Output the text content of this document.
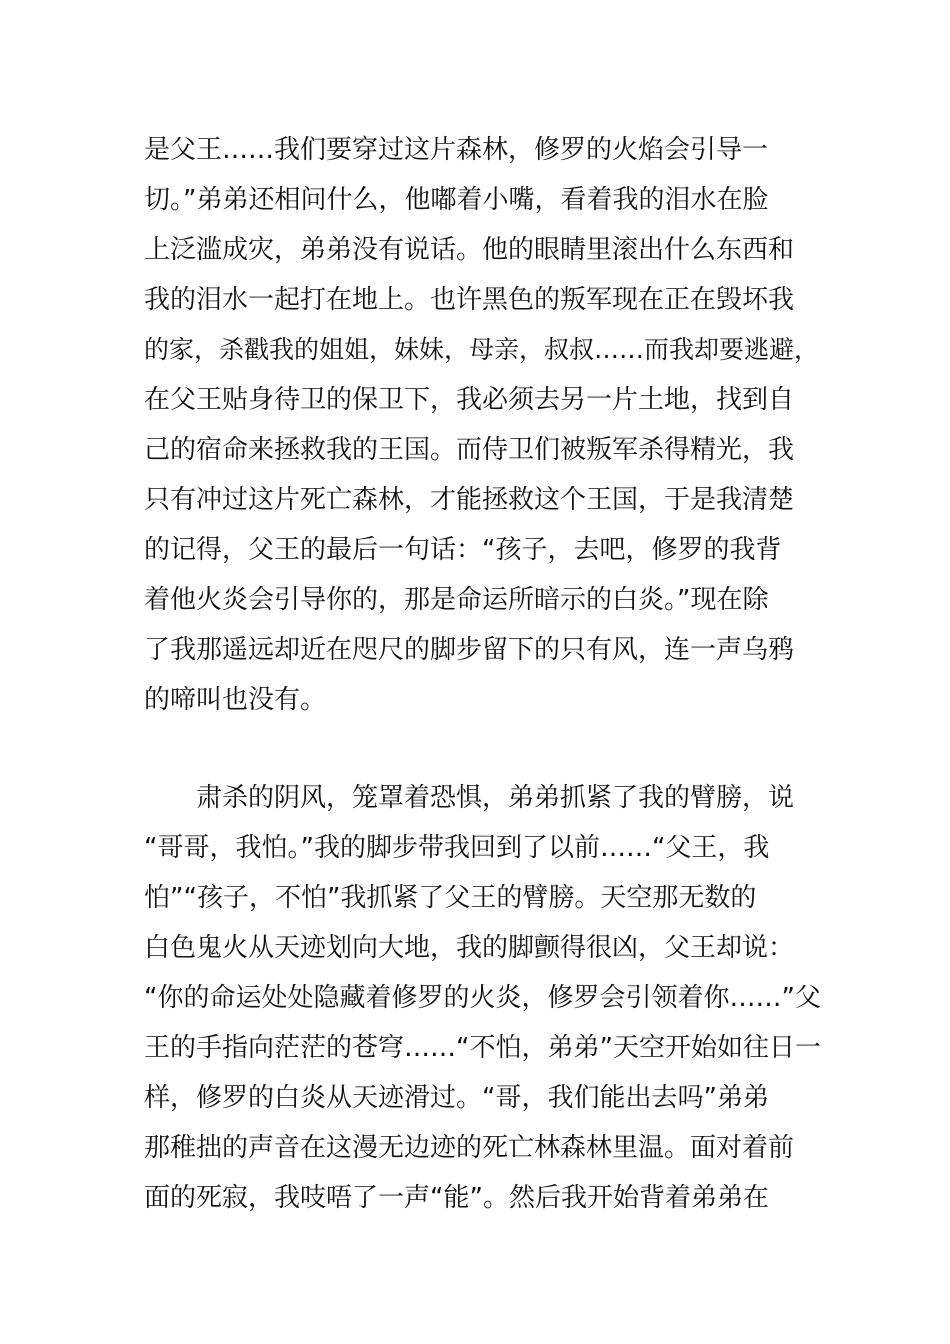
是父王……我们要穿过这片森林，修罗的火焰会引导一
切。”弟弟还相问什么，他嘟着小嘴，看着我的泪水在脸
上泛滥成灾，弟弟没有说话。他的眼睛里滚出什么东西和
我的泪水一起打在地上。也许黑色的叛军现在正在毁坏我
的家，杀戳我的姐姐，妹妹，母亲，叔叔……而我却要逃避，
在父王贴身待卫的保卫下，我必须去另一片土地，找到自
己的宿命来拯救我的王国。而侍卫们被叛军杀得精光，我
只有冲过这片死亡森林，才能拯救这个王国，于是我清楚
的记得，父王的最后一句话：“孩子，去吧，修罗的我背
着他火炎会引导你的，那是命运所暗示的白炎。”现在除
了我那遥远却近在咫尺的脚步留下的只有风，连一声乌鸦
的啼叫也没有。
肃杀的阴风，笼罩着恐惧，弟弟抓紧了我的臂膀，说
“哥哥，我怕。”我的脚步带我回到了以前……“父王，我
怕”“孩子，不怕”我抓紧了父王的臂膀。天空那无数的
白色鬼火从天迹划向大地，我的脚颤得很凶，父王却说：
“你的命运处处隐藏着修罗的火炎，修罗会引领着你……”父
王的手指向茫茫的苍穹……“不怕，弟弟”天空开始如往日一
样，修罗的白炎从天迹滑过。“哥，我们能出去吗”弟弟
那稚拙的声音在这漫无边迹的死亡林森林里温。面对着前
面的死寂，我吱唔了一声“能”。然后我开始背着弟弟在
